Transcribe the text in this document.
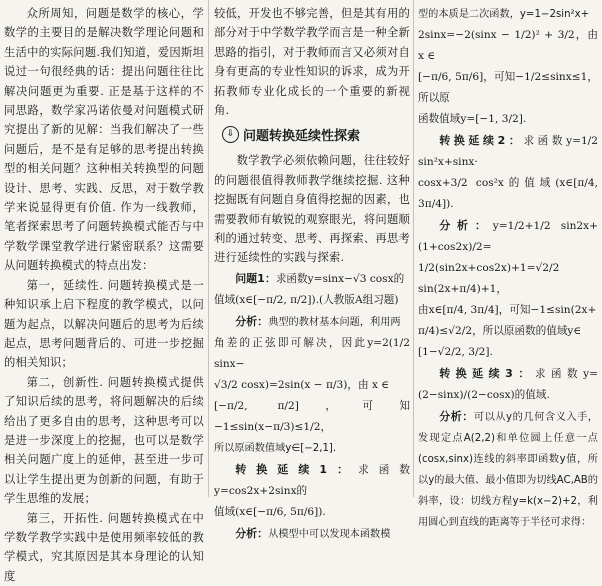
众所周知，问题是数学的核心，学数学的主要目的是解决数学理论问题和生活中的实际问题.我们知道，爱因斯坦说过一句很经典的话：提出问题往往比解决问题更为重要. 正是基于这样的不同思路，数学家冯诺依曼对问题模式研究提出了新的见解：当我们解决了一些问题后，是不是有足够的思考提出转换型的相关问题？这种相关转换型的问题设计、思考、实践、反思，对于数学教学来说显得更有价值. 作为一线教师，笔者探索思考了问题转换模式能否与中学数学课堂教学进行紧密联系？这需要从问题转换模式的特点出发：

第一，延续性. 问题转换模式是一种知识承上启下程度的教学模式，以问题为起点，以解决问题后的思考为后续起点，思考问题背后的、可进一步挖掘的相关知识；

第二，创新性. 问题转换模式提供了知识后续的思考，将问题解决的后续给出了更多自由的思考，这种思考可以是进一步深度上的挖掘，也可以是数学相关问题广度上的延伸，甚至进一步可以让学生提出更为创新的问题，有助于学生思维的发展；

第三，开拓性. 问题转换模式在中学数学教学实践中是使用频率较低的教学模式，究其原因是其本身理论的认知度

较低，开发也不够完善，但是其有用的部分对于中学数学教学而言是一种全新思路的指引，对于教师而言又必须对自身有更高的专业性知识的诉求，成为开拓教师专业化成长的一个重要的新视角.

⇩ 问题转换延续性探索

数学教学必须依赖问题，往往较好的问题很值得教师教学继续挖掘. 这种挖掘既有问题自身值得挖掘的因素，也需要教师有敏锐的观察眼光，将问题顺利的通过转变、思考、再探索、再思考进行延续性的实践与探索.

问题1：求函数y=sinx−√3 cosx的

值域(x∈[−π/2, π/2]).(人教版A组习题)

分析：典型的教材基本问题，利用两

角差的正弦即可解决，因此y=2(1/2 sinx−

√3/2 cosx)=2sin(x − π/3)，由 x ∈

[−π/2, π/2]，可知−1≤sin(x−π/3)≤1/2，

所以原函数值域y∈[−2,1].

转换延续1：求函数y=cos2x+2sinx的

值域(x∈[−π/6, 5π/6]).

分析：从模型中可以发现本函数模

型的本质是二次函数，y=1−2sin²x+

2sinx=−2(sinx − 1/2)² + 3/2，由 x ∈

[−π/6, 5π/6]，可知−1/2≤sinx≤1，所以原

函数值域y=[−1, 3/2].

转换延续2：求函数y=1/2 sin²x+sinx·

cosx+3/2 cos²x的值域(x∈[π/4, 3π/4]).

分析：y=1/2+1/2 sin2x+(1+cos2x)/2=

1/2(sin2x+cos2x)+1=√2/2 sin(2x+π/4)+1，

由x∈[π/4, 3π/4]，可知−1≤sin(2x+

π/4)≤√2/2，所以原函数的值域y∈

[1−√2/2, 3/2].

转换延续3：求函数y=(2−sinx)/(2−cosx)的值域.

分析：可以从y的几何含义入手，发现定点A(2,2)和单位圆上任意一点(cosx,sinx)连线的斜率即函数y值，所以y的最大值、最小值即为切线AC,AB的斜率，设：切线方程y=k(x−2)+2，利用圆心到直线的距离等于半径可求得：
